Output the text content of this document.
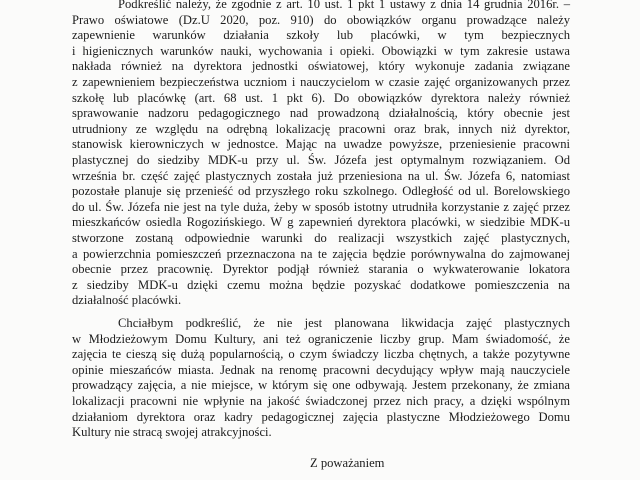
Podkreślić należy, że zgodnie z art. 10 ust. 1 pkt 1 ustawy z dnia 14 grudnia 2016r. –
Prawo oświatowe (Dz.U 2020, poz. 910) do obowiązków organu prowadzące należy
zapewnienie warunków działania szkoły lub placówki, w tym bezpiecznych
i higienicznych warunków nauki, wychowania i opieki. Obowiązki w tym zakresie ustawa
nakłada również na dyrektora jednostki oświatowej, który wykonuje zadania związane
z zapewnieniem bezpieczeństwa uczniom i nauczycielom w czasie zajęć organizowanych przez
szkołę lub placówkę (art. 68 ust. 1 pkt 6). Do obowiązków dyrektora należy również
sprawowanie nadzoru pedagogicznego nad prowadzoną działalnością, który obecnie jest
utrudniony ze względu na odrębną lokalizację pracowni oraz brak, innych niż dyrektor,
stanowisk kierowniczych w jednostce. Mając na uwadze powyższe, przeniesienie pracowni
plastycznej do siedziby MDK-u przy ul. Św. Józefa jest optymalnym rozwiązaniem. Od
września br. część zajęć plastycznych została już przeniesiona na ul. Św. Józefa 6, natomiast
pozostałe planuje się przenieść od przyszłego roku szkolnego. Odległość od ul. Borelowskiego
do ul. Św. Józefa nie jest na tyle duża, żeby w sposób istotny utrudniła korzystanie z zajęć przez
mieszkańców osiedla Rogozińskiego. W g zapewnień dyrektora placówki, w siedzibie MDK-u
stworzone zostaną odpowiednie warunki do realizacji wszystkich zajęć plastycznych,
a powierzchnia pomieszczeń przeznaczona na te zajęcia będzie porównywalna do zajmowanej
obecnie przez pracownię. Dyrektor podjął również starania o wykwaterowanie lokatora
z siedziby MDK-u dzięki czemu można będzie pozyskać dodatkowe pomieszczenia na
działalność placówki.
Chciałbym podkreślić, że nie jest planowana likwidacja zajęć plastycznych
w Młodzieżowym Domu Kultury, ani też ograniczenie liczby grup. Mam świadomość, że
zajęcia te cieszą się dużą popularnością, o czym świadczy liczba chętnych, a także pozytywne
opinie mieszańców miasta. Jednak na renomę pracowni decydujący wpływ mają nauczyciele
prowadzący zajęcia, a nie miejsce, w którym się one odbywają. Jestem przekonany, że zmiana
lokalizacji pracowni nie wpłynie na jakość świadczonej przez nich pracy, a dzięki wspólnym
działaniom dyrektora oraz kadry pedagogicznej zajęcia plastyczne Młodzieżowego Domu
Kultury nie stracą swojej atrakcyjności.
Z poważaniem
